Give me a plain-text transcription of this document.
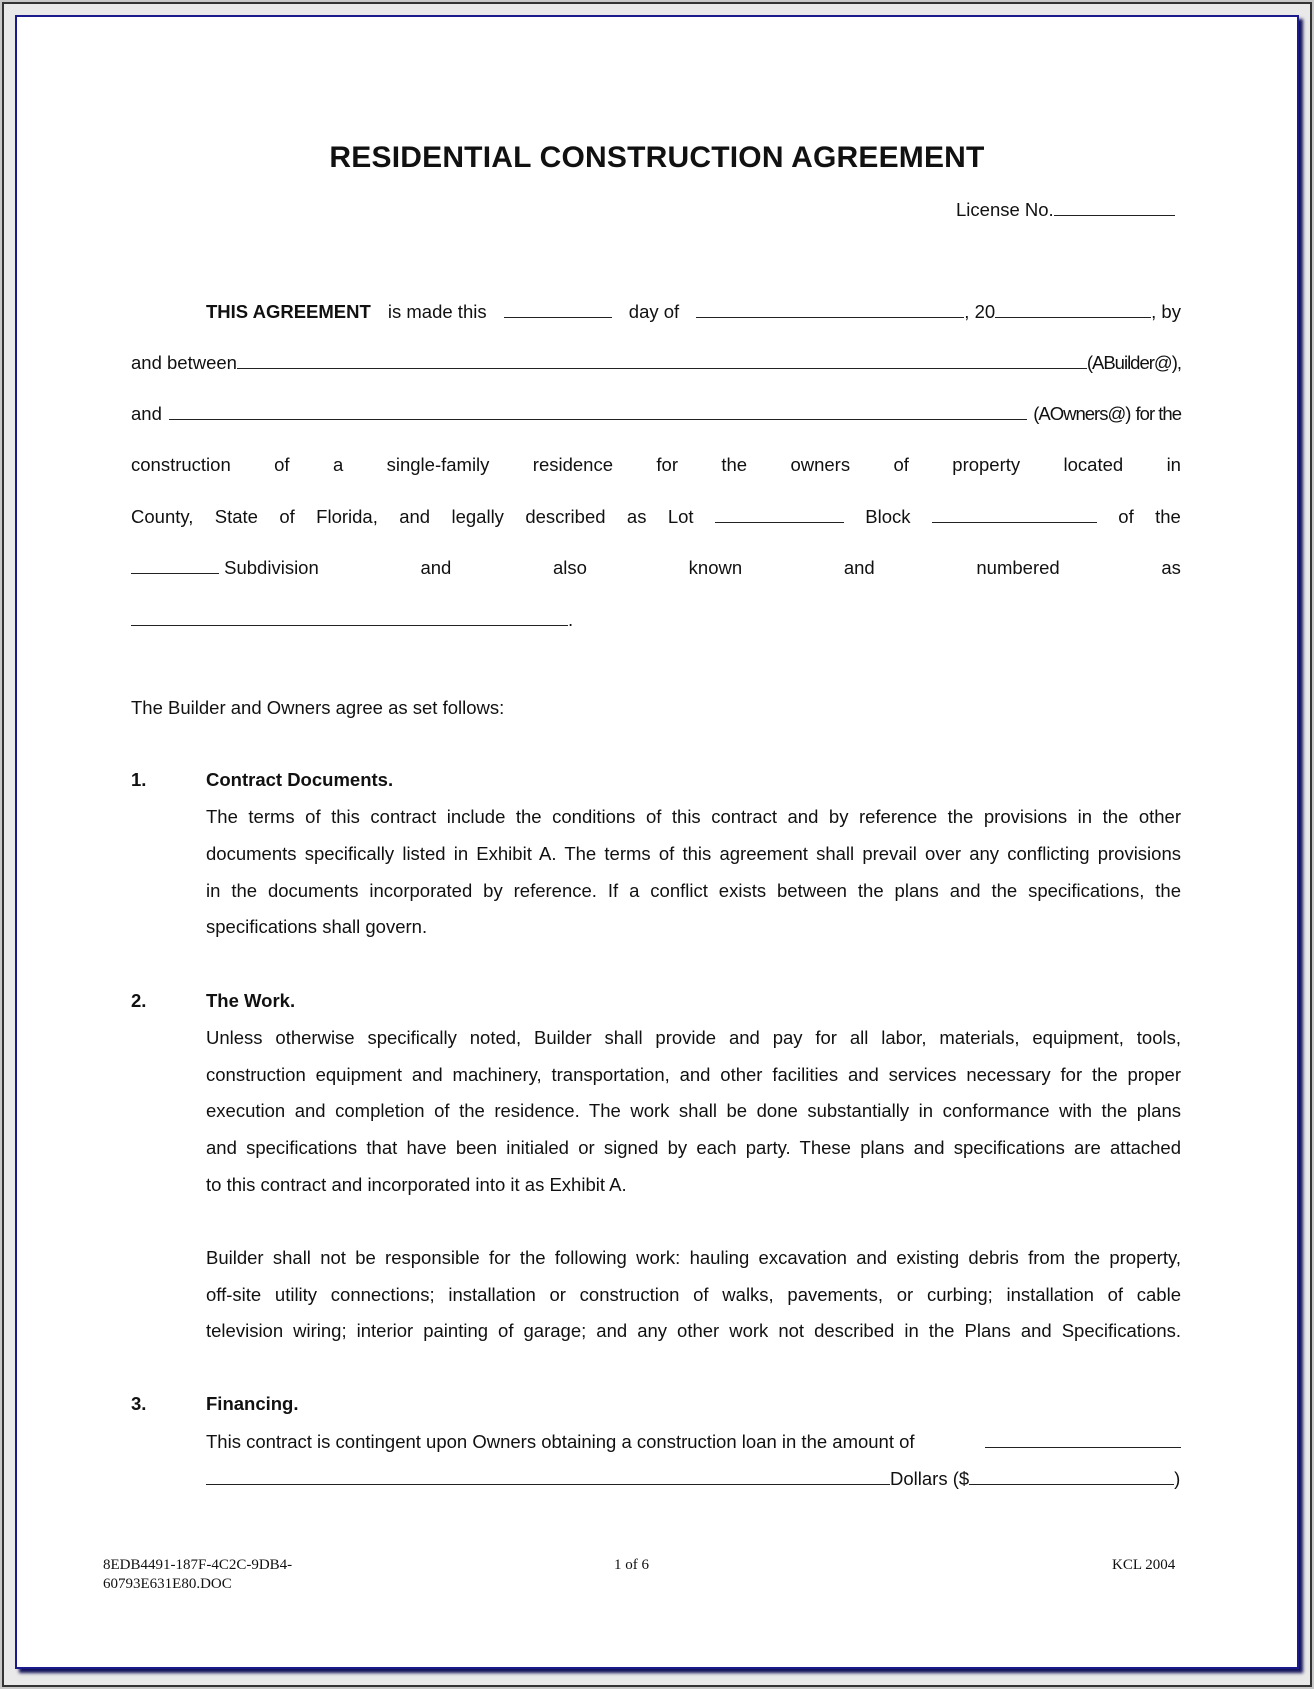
RESIDENTIAL CONSTRUCTION AGREEMENT
License No.
THIS AGREEMENT is made this	day of	, 20	, by
and between	(ABuilder@),
and	(AOwners@) for the
construction of a single-family residence for the owners of property located in
County, State of Florida, and legally described as Lot	Block	of the
Subdivision	and	also	known	and	numbered	as
.
The Builder and Owners agree as set follows:
1.	Contract Documents.
The terms of this contract include the conditions of this contract and by reference the provisions in the other
documents specifically listed in Exhibit A. The terms of this agreement shall prevail over any conflicting provisions
in the documents incorporated by reference. If a conflict exists between the plans and the specifications, the
specifications shall govern.
2.	The Work.
Unless otherwise specifically noted, Builder shall provide and pay for all labor, materials, equipment, tools,
construction equipment and machinery, transportation, and other facilities and services necessary for the proper
execution and completion of the residence. The work shall be done substantially in conformance with the plans
and specifications that have been initialed or signed by each party. These plans and specifications are attached
to this contract and incorporated into it as Exhibit A.
Builder shall not be responsible for the following work: hauling excavation and existing debris from the property,
off-site utility connections; installation or construction of walks, pavements, or curbing; installation of cable
television wiring; interior painting of garage; and any other work not described in the Plans and Specifications.
3.	Financing.
This contract is contingent upon Owners obtaining a construction loan in the amount of
Dollars ($	)
8EDB4491-187F-4C2C-9DB4-
60793E631E80.DOC
1 of 6	KCL 2004
